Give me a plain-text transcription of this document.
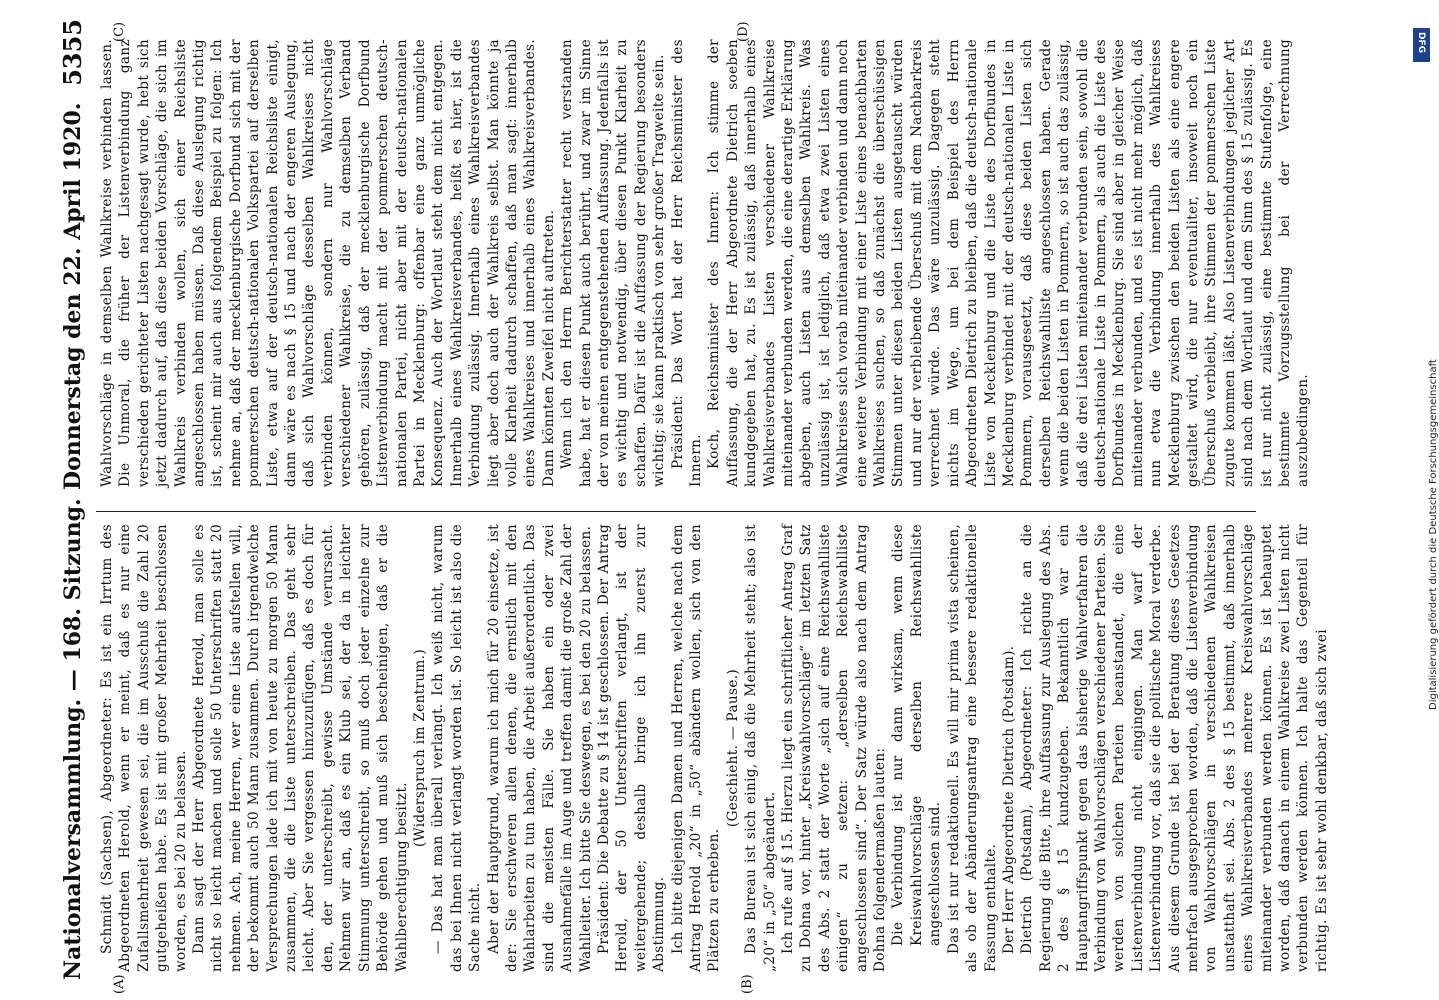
Nationalversammlung. — 168. Sitzung.
Donnerstag den 22. April 1920.
5355
(A)	(B)
(C)	(D)

Schmidt (Sachsen), Abgeordneter: Es ist ein Irrtum des Abgeordneten Herold, wenn er meint, daß es nur eine Zufallsmehrheit gewesen sei, die im Ausschuß die Zahl 20 gutgeheißen habe. Es ist mit großer Mehrheit beschlossen worden, es bei 20 zu belassen. Dann sagt der Herr Abgeordnete Herold, man solle es nicht so leicht machen und solle 50 Unterschriften statt 20 nehmen. Ach, meine Herren, wer eine Liste aufstellen will, der bekommt auch 50 Mann zusammen. Durch irgendwelche Versprechungen lade ich mit von heute zu morgen 50 Mann zusammen, die die Liste unterschreiben. Das geht sehr leicht. Aber Sie vergessen hinzuzufügen, daß es doch für den, der unterschreibt, gewisse Umstände verursacht. Nehmen wir an, daß es ein Klub sei, der da in leichter Stimmung unterschreibt, so muß doch jeder einzelne zur Behörde gehen und muß sich bescheinigen, daß er die Wahlberechtigung besitzt.

(Widerspruch im Zentrum.) — Das hat man überall verlangt. Ich weiß nicht, warum das bei Ihnen nicht verlangt worden ist. So leicht ist also die Sache nicht. Aber der Hauptgrund, warum ich mich für 20 einsetze, ist der: Sie erschweren allen denen, die ernstlich mit den Wahlarbeiten zu tun haben, die Arbeit außerordentlich. Das sind die meisten Fälle. Sie haben ein oder zwei Ausnahmefälle im Auge und treffen damit die große Zahl der Wahlleiter. Ich bitte Sie deswegen, es bei den 20 zu belassen. Präsident: Die Debatte zu § 14 ist geschlossen. Der Antrag Herold, der 50 Unterschriften verlangt, ist der weitergehende; deshalb bringe ich ihn zuerst zur Abstimmung. Ich bitte diejenigen Damen und Herren, welche nach dem Antrag Herold „20“ in „50“ abändern wollen, sich von den Plätzen zu erheben.

(Geschieht. — Pause.) Das Bureau ist sich einig, daß die Mehrheit steht; also ist „20“ in „50“ abgeändert. Ich rufe auf § 15. Hierzu liegt ein schriftlicher Antrag Graf zu Dohna vor, hinter „Kreiswahlvorschläge“ im letzten Satz des Abs. 2 statt der Worte „sich auf eine Reichswahlliste einigen“ zu setzen: „derselben Reichswahlliste angeschlossen sind“. Der Satz würde also nach dem Antrag Dohna folgendermaßen lauten: Die Verbindung ist nur dann wirksam, wenn diese Kreiswahlvorschläge derselben Reichswahlliste angeschlossen sind. Das ist nur redaktionell. Es will mir prima vista scheinen, als ob der Abänderungsantrag eine bessere redaktionelle Fassung enthalte. Der Herr Abgeordnete Dietrich (Potsdam). Dietrich (Potsdam), Abgeordneter: Ich richte an die Regierung die Bitte, ihre Auffassung zur Auslegung des Abs. 2 des § 15 kundzugeben. Bekanntlich war ein Hauptangriffspunkt gegen das bisherige Wahlverfahren die Verbindung von Wahlvorschlägen verschiedener Parteien. Sie werden von solchen Parteien beanstandet, die eine Listenverbindung nicht eingingen. Man warf der Listenverbindung vor, daß sie die politische Moral verderbe. Aus diesem Grunde ist bei der Beratung dieses Gesetzes mehrfach ausgesprochen worden, daß die Listenverbindung von Wahlvorschlägen in verschiedenen Wahlkreisen unstatthaft sei. Abs. 2 des § 15 bestimmt, daß innerhalb eines Wahlkreisverbandes mehrere Kreiswahlvorschläge miteinander verbunden werden können. Es ist behauptet worden, daß danach in einem Wahlkreise zwei Listen nicht verbunden werden können. Ich halte das Gegenteil für richtig. Es ist sehr wohl denkbar, daß sich zwei

Wahlvorschläge in demselben Wahlkreise verbinden lassen. Die Unmoral, die früher der Listenverbindung ganz verschieden gerichteter Listen nachgesagt wurde, hebt sich jetzt dadurch auf, daß diese beiden Vorschläge, die sich im Wahlkreis verbinden wollen, sich einer Reichsliste angeschlossen haben müssen. Daß diese Auslegung richtig ist, scheint mir auch aus folgendem Beispiel zu folgen: Ich nehme an, daß der mecklenburgische Dorfbund sich mit der pommerschen deutsch-nationalen Volkspartei auf derselben Liste, etwa auf der deutsch-nationalen Reichsliste einigt, dann wäre es nach § 15 und nach der engeren Auslegung, daß sich Wahlvorschläge desselben Wahlkreises nicht verbinden können, sondern nur Wahlvorschläge verschiedener Wahlkreise, die zu demselben Verband gehören, zulässig, daß der mecklenburgische Dorfbund Listenverbindung macht mit der pommerschen deutsch-nationalen Partei, nicht aber mit der deutsch-nationalen Partei in Mecklenburg: offenbar eine ganz unmögliche Konsequenz. Auch der Wortlaut steht dem nicht entgegen. Innerhalb eines Wahlkreisverbandes, heißt es hier, ist die Verbindung zulässig. Innerhalb eines Wahlkreisverbandes liegt aber doch auch der Wahlkreis selbst. Man könnte ja volle Klarheit dadurch schaffen, daß man sagt: innerhalb eines Wahlkreises und innerhalb eines Wahlkreisverbandes. Dann könnten Zweifel nicht auftreten. Wenn ich den Herrn Berichterstatter recht verstanden habe, hat er diesen Punkt auch berührt, und zwar im Sinne der von meinen entgegenstehenden Auffassung. Jedenfalls ist es wichtig und notwendig, über diesen Punkt Klarheit zu schaffen. Dafür ist die Auffassung der Regierung besonders wichtig; sie kann praktisch von sehr großer Tragweite sein. Präsident: Das Wort hat der Herr Reichsminister des Innern. Koch, Reichsminister des Innern: Ich stimme der Auffassung, die der Herr Abgeordnete Dietrich soeben kundgegeben hat, zu. Es ist zulässig, daß innerhalb eines Wahlkreisverbandes Listen verschiedener Wahlkreise miteinander verbunden werden, die eine derartige Erklärung abgeben, auch Listen aus demselben Wahlkreis. Was unzulässig ist, ist lediglich, daß etwa zwei Listen eines Wahlkreises sich vorab miteinander verbinden und dann noch eine weitere Verbindung mit einer Liste eines benachbarten Wahlkreises suchen, so daß zunächst die überschüssigen Stimmen unter diesen beiden Listen ausgetauscht würden und nur der verbleibende Überschuß mit dem Nachbarkreis verrechnet würde. Das wäre unzulässig. Dagegen steht nichts im Wege, um bei dem Beispiel des Herrn Abgeordneten Dietrich zu bleiben, daß die deutsch-nationale Liste von Mecklenburg und die Liste des Dorfbundes in Mecklenburg verbindet mit der deutsch-nationalen Liste in Pommern, vorausgesetzt, daß diese beiden Listen sich derselben Reichswahlliste angeschlossen haben. Gerade wenn die beiden Listen in Pommern, so ist auch das zulässig, daß die drei Listen miteinander verbunden sein, sowohl die deutsch-nationale Liste in Pommern, als auch die Liste des Dorfbundes in Mecklenburg. Sie sind aber in gleicher Weise miteinander verbunden, und es ist nicht mehr möglich, daß nun etwa die Verbindung innerhalb des Wahlkreises Mecklenburg zwischen den beiden Listen als eine engere gestaltet wird, die nur eventualiter, insoweit noch ein Überschuß verbleibt, ihre Stimmen der pommerschen Liste zugute kommen läßt. Also Listenverbindungen jeglicher Art sind nach dem Wortlaut und dem Sinn des § 15 zulässig. Es ist nur nicht zulässig, eine bestimmte Stufenfolge, eine bestimmte Vorzugsstellung bei der Verrechnung auszubedingen.

DFG
Digitalisierung gefördert durch die Deutsche Forschungsgemeinschaft
